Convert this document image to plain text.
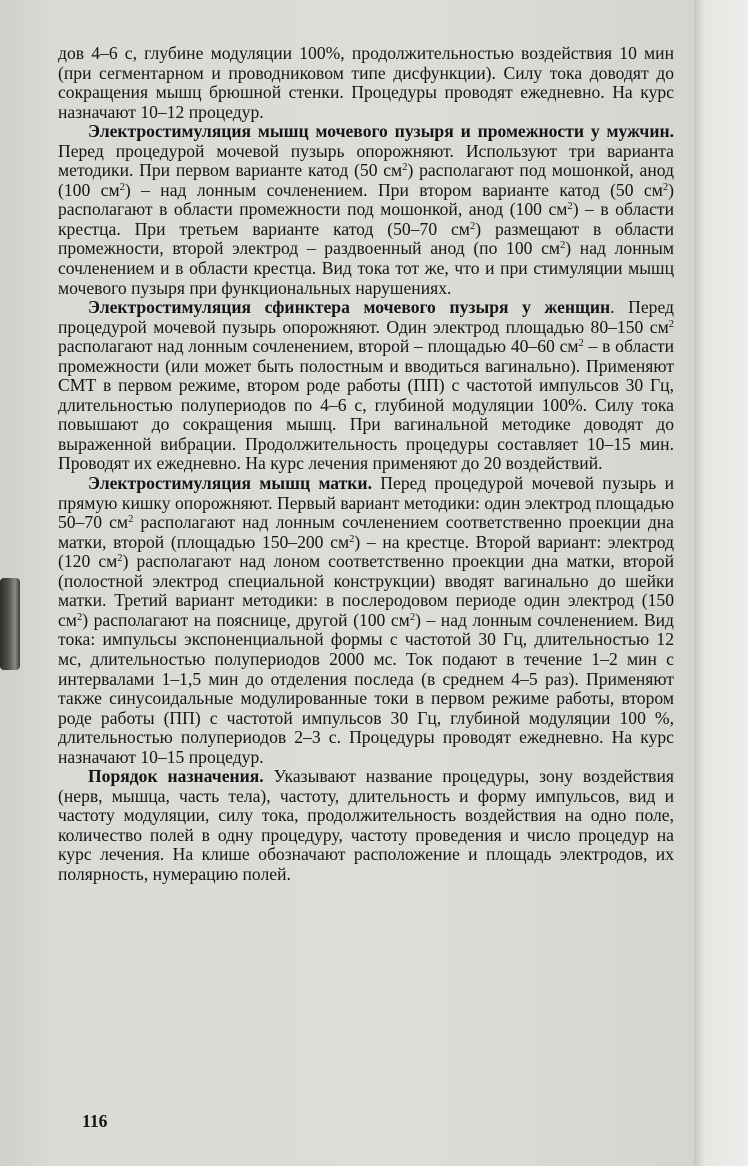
дов 4–6 с, глубине модуляции 100%, продолжительностью воздействия 10 мин (при сегментарном и проводниковом типе дисфункции). Силу тока доводят до сокращения мышц брюшной стенки. Процедуры проводят ежедневно. На курс назначают 10–12 процедур.

Электростимуляция мышц мочевого пузыря и промежности у мужчин. Перед процедурой мочевой пузырь опорожняют. Используют три варианта методики. При первом варианте катод (50 $см^2$) располагают под мошонкой, анод (100 $см^2$) – над лонным сочленением. При втором варианте катод (50 $см^2$) располагают в области промежности под мошонкой, анод (100 $см^2$) – в области крестца. При третьем варианте катод (50–70 $см^2$) размещают в области промежности, второй электрод – раздвоенный анод (по 100 $см^2$) над лонным сочленением и в области крестца. Вид тока тот же, что и при стимуляции мышц мочевого пузыря при функциональных нарушениях.

Электростимуляция сфинктера мочевого пузыря у женщин. Перед процедурой мочевой пузырь опорожняют. Один электрод площадью 80–150 $см^2$ располагают над лонным сочленением, второй – площадью 40–60 $см^2$ – в области промежности (или может быть полостным и вводиться вагинально). Применяют СМТ в первом режиме, втором роде работы (ПП) с частотой импульсов 30 Гц, длительностью полупериодов по 4–6 с, глубиной модуляции 100%. Силу тока повышают до сокращения мышц. При вагинальной методике доводят до выраженной вибрации. Продолжительность процедуры составляет 10–15 мин. Проводят их ежедневно. На курс лечения применяют до 20 воздействий.

Электростимуляция мышц матки. Перед процедурой мочевой пузырь и прямую кишку опорожняют. Первый вариант методики: один электрод площадью 50–70 $см^2$ располагают над лонным сочленением соответственно проекции дна матки, второй (площадью 150–200 $см^2$) – на крестце. Второй вариант: электрод (120 $см^2$) располагают над лоном соответственно проекции дна матки, второй (полостной электрод специальной конструкции) вводят вагинально до шейки матки. Третий вариант методики: в послеродовом периоде один электрод (150 $см^2$) располагают на пояснице, другой (100 $см^2$) – над лонным сочленением. Вид тока: импульсы экспоненциальной формы с частотой 30 Гц, длительностью 12 мс, длительностью полупериодов 2000 мс. Ток подают в течение 1–2 мин с интервалами 1–1,5 мин до отделения последа (в среднем 4–5 раз). Применяют также синусоидальные модулированные токи в первом режиме работы, втором роде работы (ПП) с частотой импульсов 30 Гц, глубиной модуляции 100 %, длительностью полупериодов 2–3 с. Процедуры проводят ежедневно. На курс назначают 10–15 процедур.

Порядок назначения. Указывают название процедуры, зону воздействия (нерв, мышца, часть тела), частоту, длительность и форму импульсов, вид и частоту модуляции, силу тока, продолжительность воздействия на одно поле, количество полей в одну процедуру, частоту проведения и число процедур на курс лечения. На клише обозначают расположение и площадь электродов, их полярность, нумерацию полей.

116
